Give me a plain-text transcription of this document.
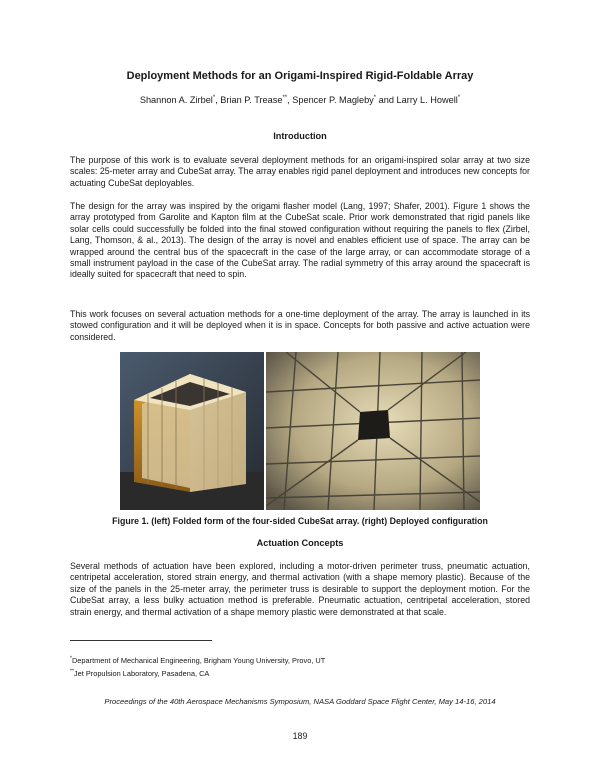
Deployment Methods for an Origami-Inspired Rigid-Foldable Array
Shannon A. Zirbel*, Brian P. Trease**, Spencer P. Magleby* and Larry L. Howell*
Introduction
The purpose of this work is to evaluate several deployment methods for an origami-inspired solar array at two size scales: 25-meter array and CubeSat array. The array enables rigid panel deployment and introduces new concepts for actuating CubeSat deployables.
The design for the array was inspired by the origami flasher model (Lang, 1997; Shafer, 2001). Figure 1 shows the array prototyped from Garolite and Kapton film at the CubeSat scale. Prior work demonstrated that rigid panels like solar cells could successfully be folded into the final stowed configuration without requiring the panels to flex (Zirbel, Lang, Thomson, & al., 2013). The design of the array is novel and enables efficient use of space. The array can be wrapped around the central bus of the spacecraft in the case of the large array, or can accommodate storage of a small instrument payload in the case of the CubeSat array. The radial symmetry of this array around the spacecraft is ideally suited for spacecraft that need to spin.
This work focuses on several actuation methods for a one-time deployment of the array. The array is launched in its stowed configuration and it will be deployed when it is in space. Concepts for both passive and active actuation were considered.
Figure 1. (left) Folded form of the four-sided CubeSat array. (right) Deployed configuration
Actuation Concepts
Several methods of actuation have been explored, including a motor-driven perimeter truss, pneumatic actuation, centripetal acceleration, stored strain energy, and thermal activation (with a shape memory plastic). Because of the size of the panels in the 25-meter array, the perimeter truss is desirable to support the deployment motion. For the CubeSat array, a less bulky actuation method is preferable. Pneumatic actuation, centripetal acceleration, stored strain energy, and thermal activation of a shape memory plastic were demonstrated at that scale.
*Department of Mechanical Engineering, Brigham Young University, Provo, UT
**Jet Propulsion Laboratory, Pasadena, CA
Proceedings of the 40th Aerospace Mechanisms Symposium, NASA Goddard Space Flight Center, May 14-16, 2014
189
